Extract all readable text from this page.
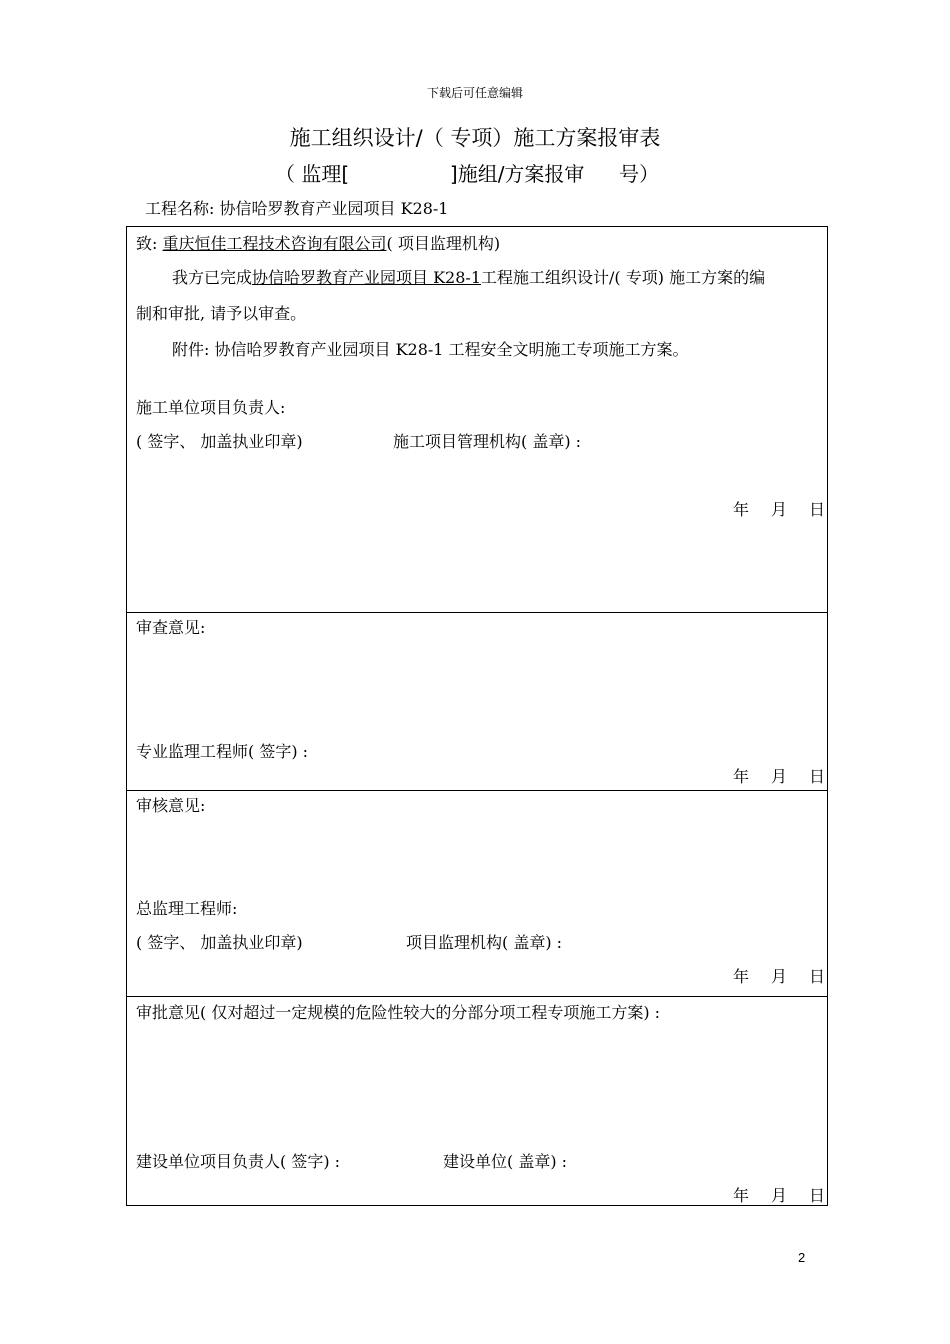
下载后可任意编辑
施工组织设计/（ 专项）施工方案报审表
（ 监理[	]施组/方案报审 号）
工程名称: 协信哈罗教育产业园项目 K28-1
致: 重庆恒佳工程技术咨询有限公司( 项目监理机构)
我方已完成协信哈罗教育产业园项目 K28-1工程施工组织设计/( 专项) 施工方案的编
制和审批, 请予以审查。
附件: 协信哈罗教育产业园项目 K28-1 工程安全文明施工专项施工方案。
施工单位项目负责人:
( 签字、 加盖执业印章)	施工项目管理机构( 盖章) :
年 月 日
审查意见:
专业监理工程师( 签字) :
年 月 日
审核意见:
总监理工程师:
( 签字、 加盖执业印章)	项目监理机构( 盖章) :
年 月 日
审批意见( 仅对超过一定规模的危险性较大的分部分项工程专项施工方案) :
建设单位项目负责人( 签字) :	建设单位( 盖章) :
年 月 日
2
